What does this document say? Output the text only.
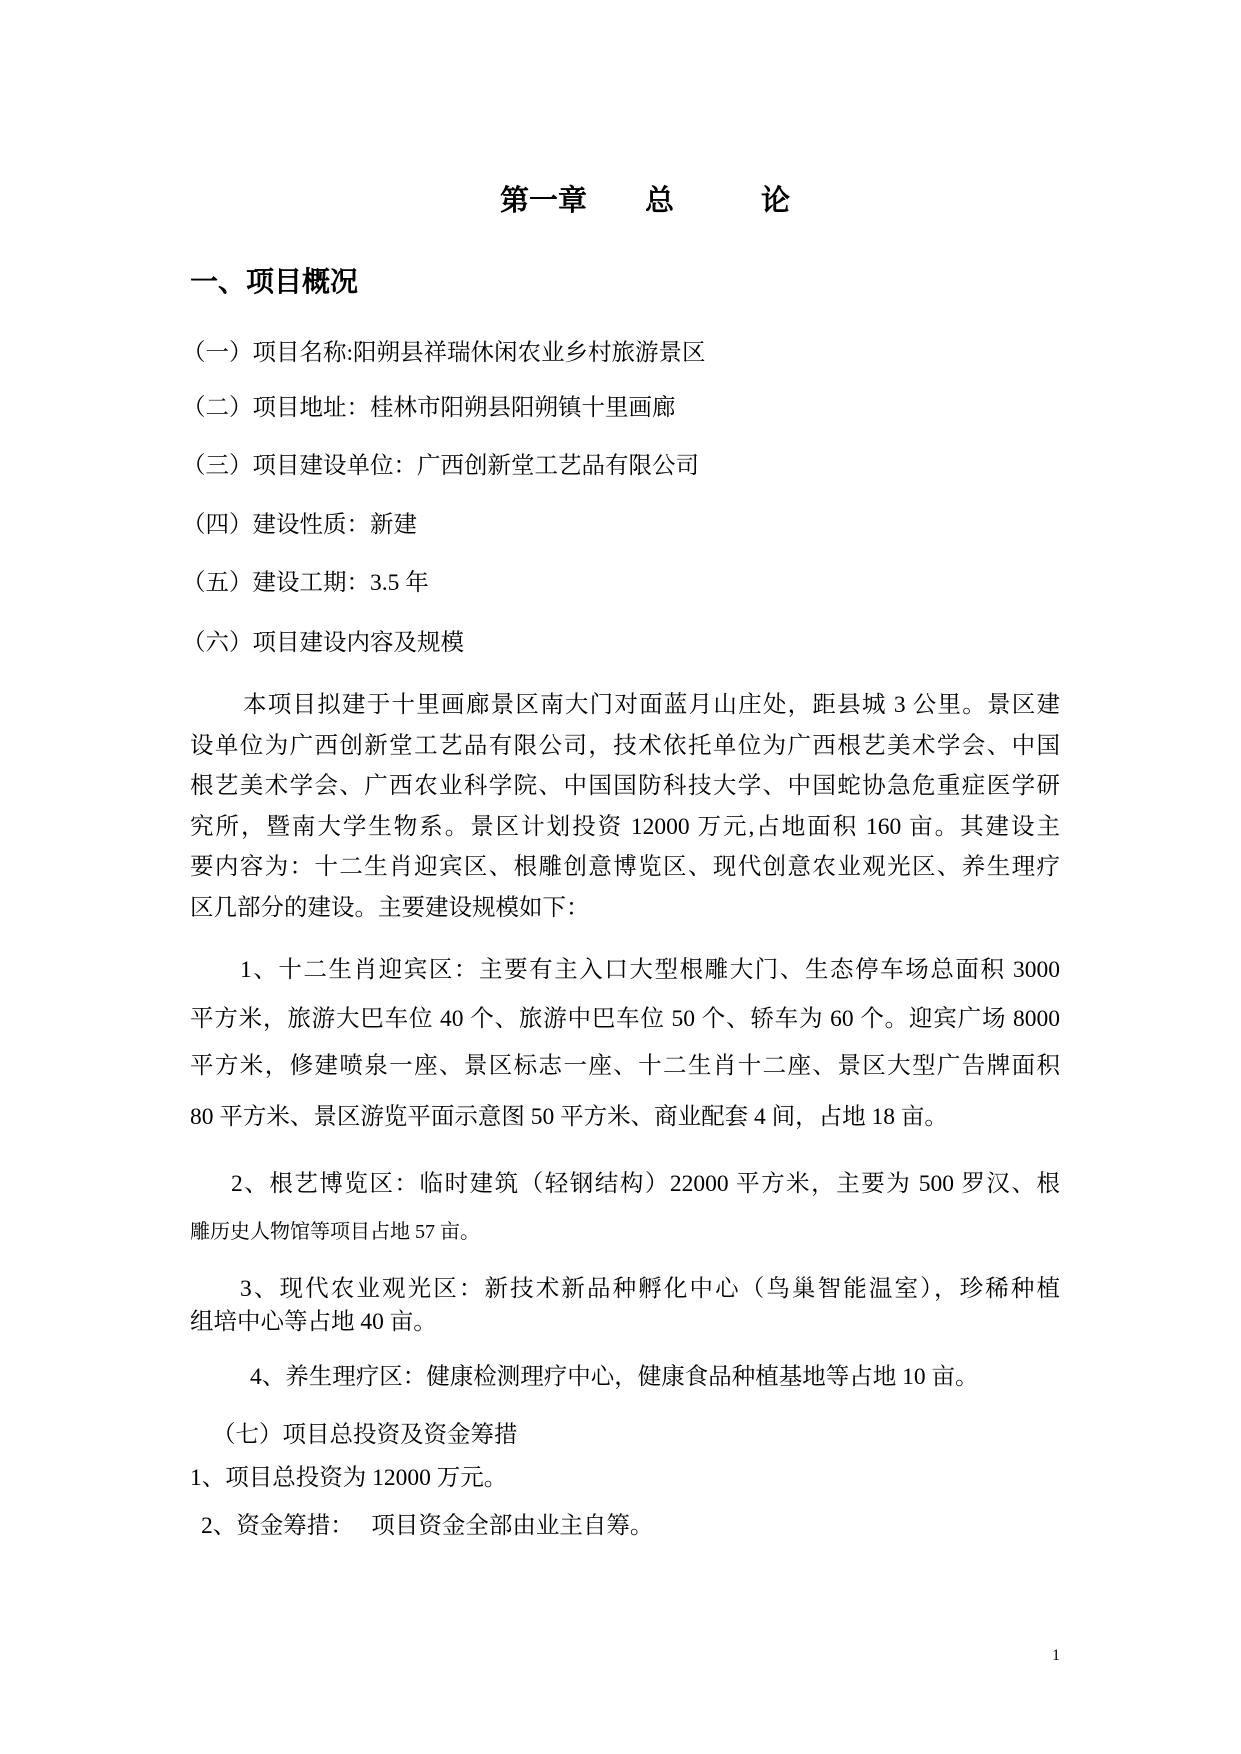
第一章　　总　　　论
一、项目概况
（一）项目名称:阳朔县祥瑞休闲农业乡村旅游景区
（二）项目地址：桂林市阳朔县阳朔镇十里画廊
（三）项目建设单位：广西创新堂工艺品有限公司
（四）建设性质：新建
（五）建设工期：3.5 年
（六）项目建设内容及规模
本项目拟建于十里画廊景区南大门对面蓝月山庄处，距县城 3 公里。景区建
设单位为广西创新堂工艺品有限公司，技术依托单位为广西根艺美术学会、中国
根艺美术学会、广西农业科学院、中国国防科技大学、中国蛇协急危重症医学研
究所，暨南大学生物系。景区计划投资 12000 万元,占地面积 160 亩。其建设主
要内容为：十二生肖迎宾区、根雕创意博览区、现代创意农业观光区、养生理疗
区几部分的建设。主要建设规模如下：
1、十二生肖迎宾区：主要有主入口大型根雕大门、生态停车场总面积 3000
平方米，旅游大巴车位 40 个、旅游中巴车位 50 个、轿车为 60 个。迎宾广场 8000
平方米，修建喷泉一座、景区标志一座、十二生肖十二座、景区大型广告牌面积
80 平方米、景区游览平面示意图 50 平方米、商业配套 4 间，占地 18 亩。
2、根艺博览区：临时建筑（轻钢结构）22000 平方米，主要为 500 罗汉、根
雕历史人物馆等项目占地 57 亩。
3、现代农业观光区：新技术新品种孵化中心（鸟巢智能温室），珍稀种植
组培中心等占地 40 亩。
4、养生理疗区：健康检测理疗中心，健康食品种植基地等占地 10 亩。
（七）项目总投资及资金筹措
1、项目总投资为 12000 万元。
2、资金筹措：　 项目资金全部由业主自筹。
1
